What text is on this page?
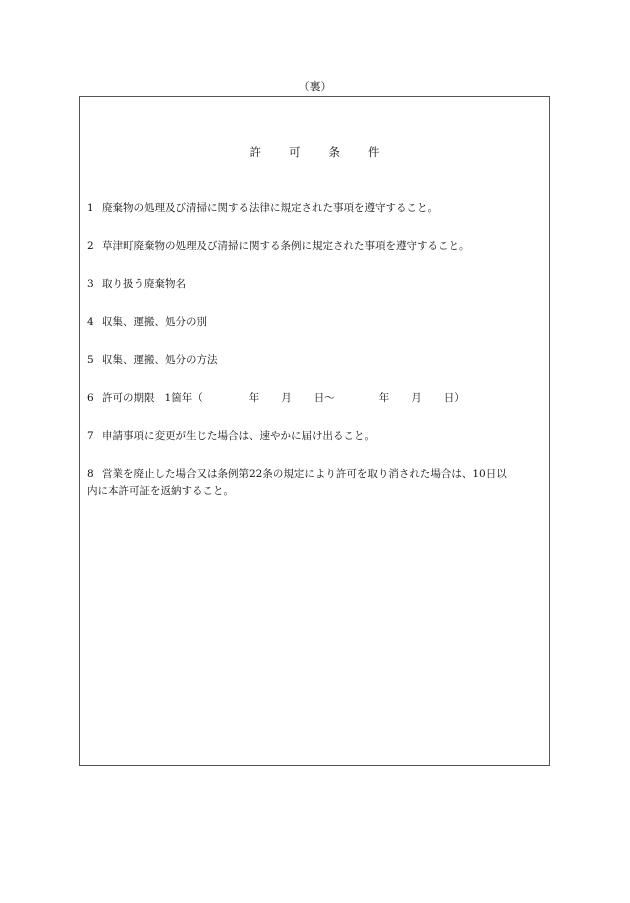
（裏）
許可条件
1 廃棄物の処理及び清掃に関する法律に規定された事項を遵守すること。
2 草津町廃棄物の処理及び清掃に関する条例に規定された事項を遵守すること。
3 取り扱う廃棄物名
4 収集、運搬、処分の別
5 収集、運搬、処分の方法
6 許可の期限 1箇年（	年 月 日〜	年 月 日）
7 申請事項に変更が生じた場合は、速やかに届け出ること。
8 営業を廃止した場合又は条例第22条の規定により許可を取り消された場合は、10日以
内に本許可証を返納すること。
